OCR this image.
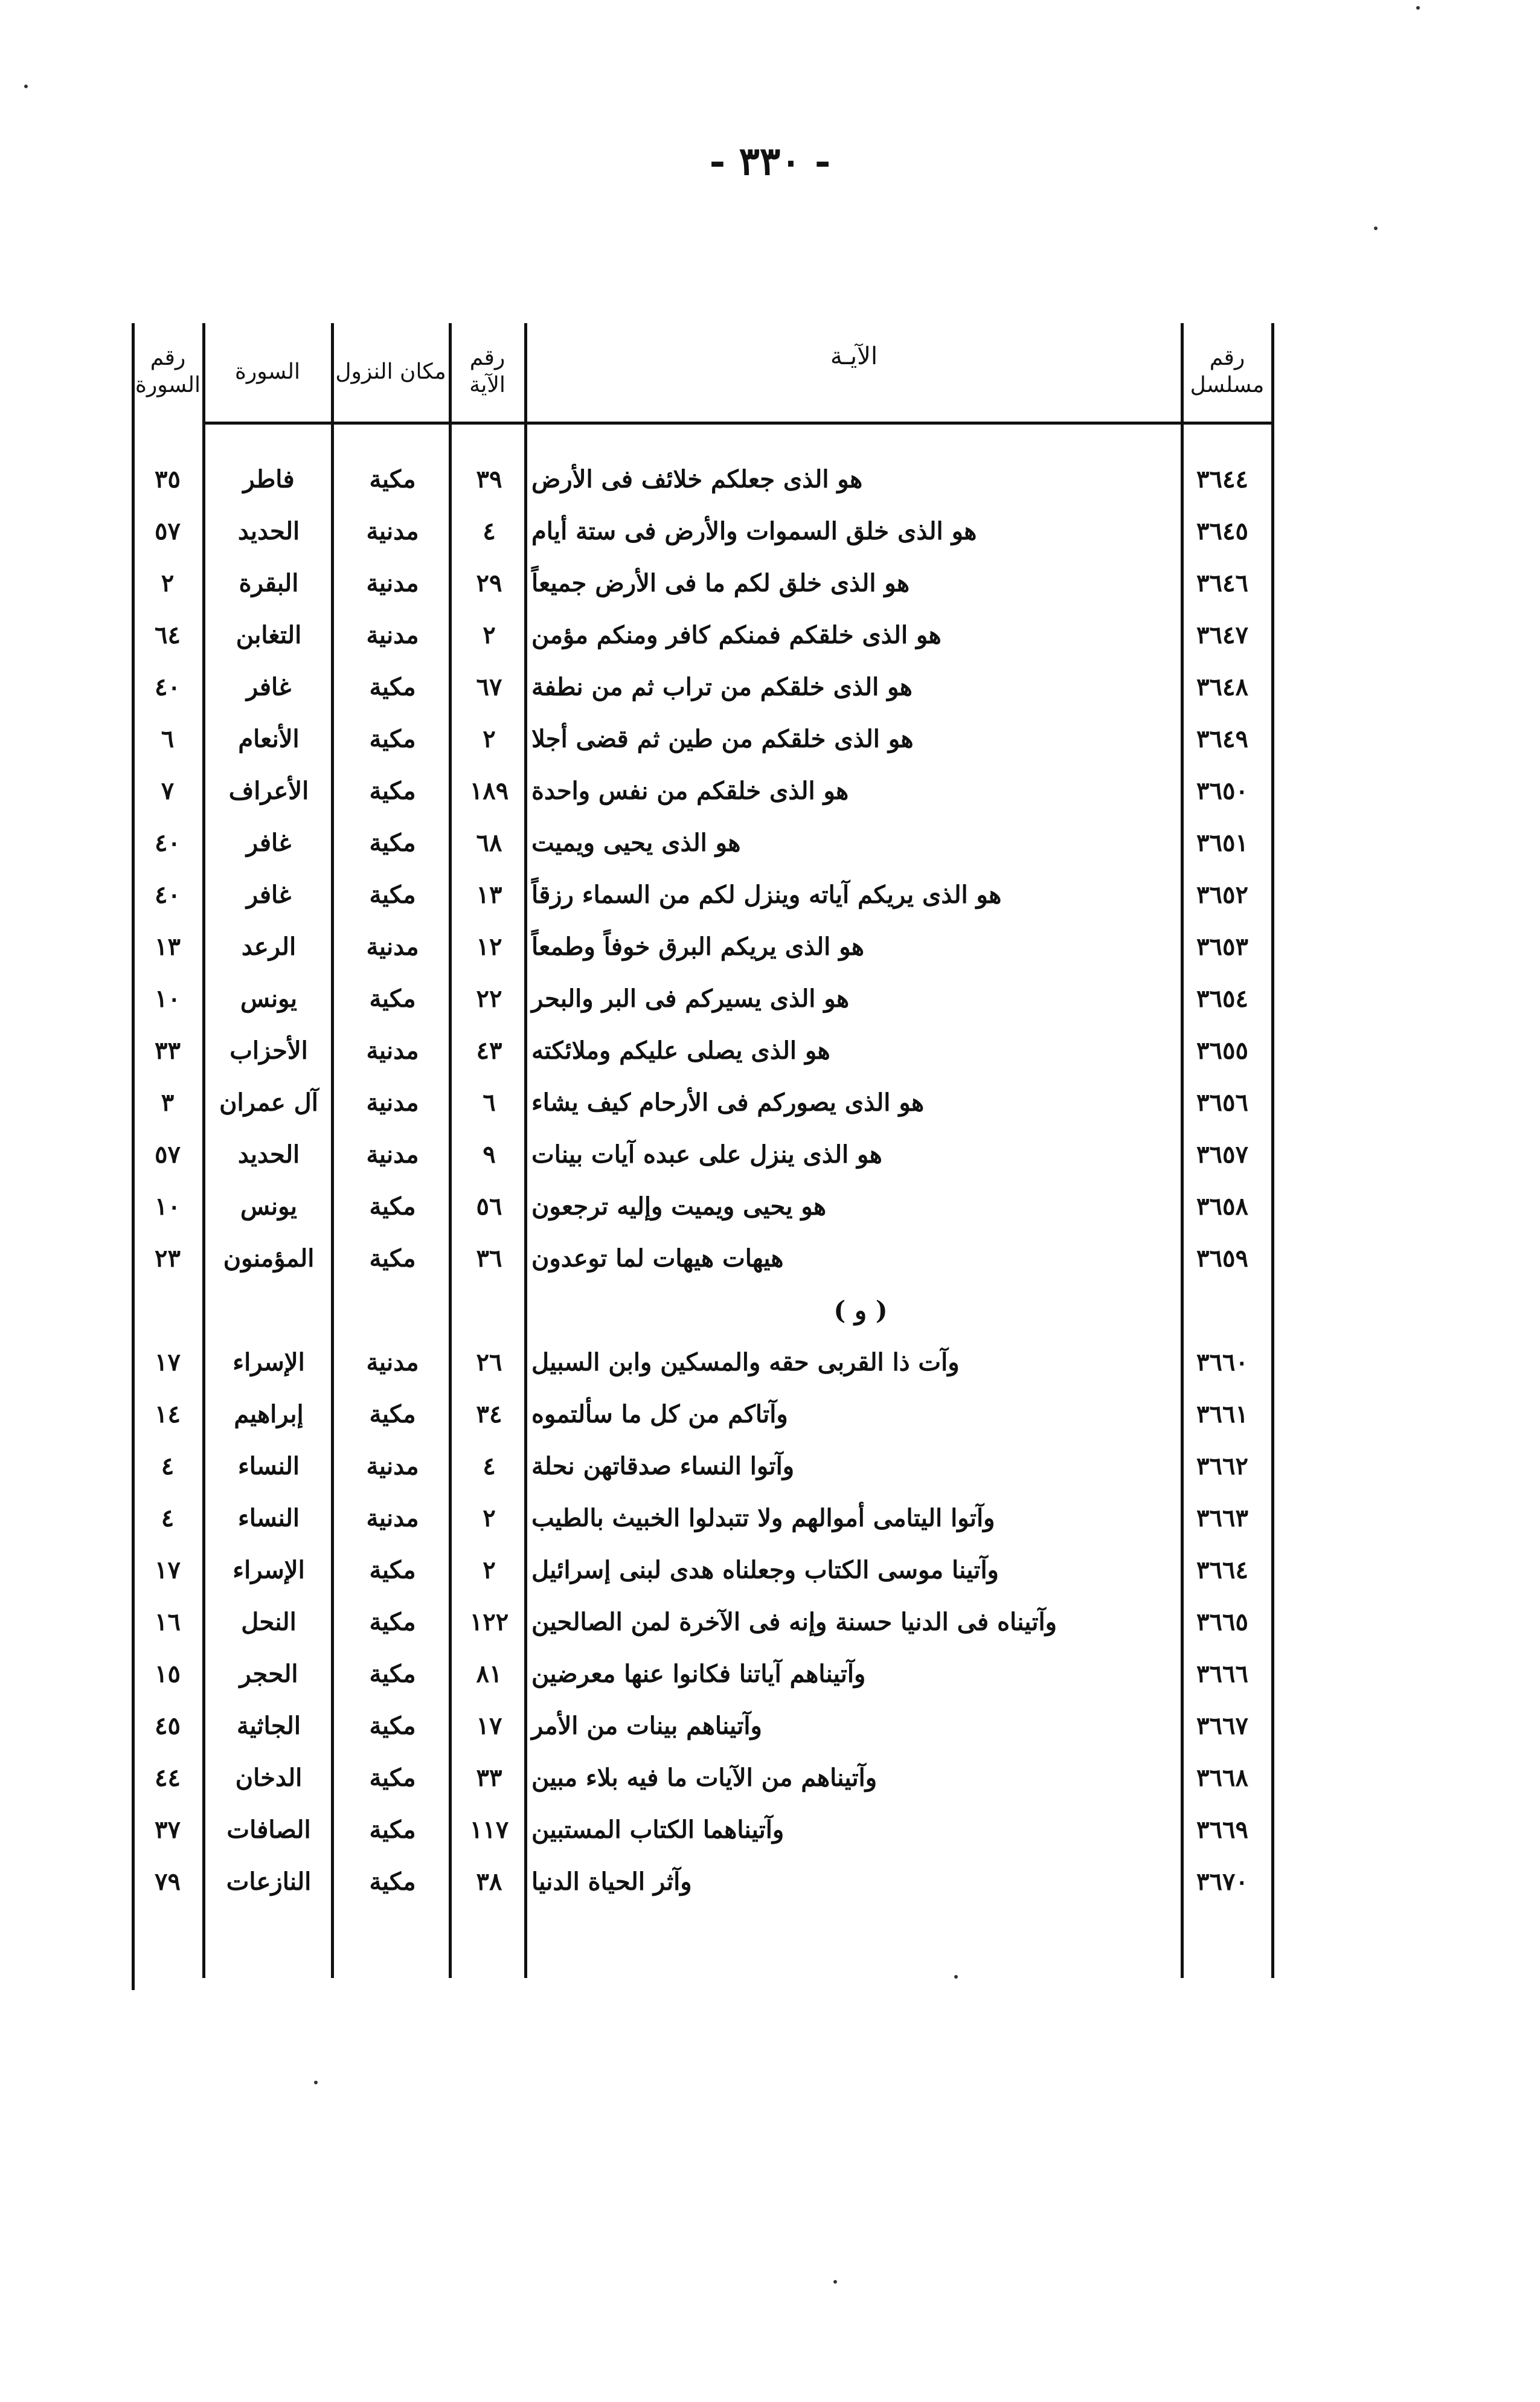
- ٣٣٠ -
رقم مسلسل
الآيـة
رقم الآية
مكان النزول
السورة
رقم السورة
٣٦٤٤
هو الذى جعلكم خلائف فى الأرض
٣٩
مكية
فاطر
٣٥
٣٦٤٥
هو الذى خلق السموات والأرض فى ستة أيام
٤
مدنية
الحديد
٥٧
٣٦٤٦
هو الذى خلق لكم ما فى الأرض جميعاً
٢٩
مدنية
البقرة
٢
٣٦٤٧
هو الذى خلقكم فمنكم كافر ومنكم مؤمن
٢
مدنية
التغابن
٦٤
٣٦٤٨
هو الذى خلقكم من تراب ثم من نطفة
٦٧
مكية
غافر
٤٠
٣٦٤٩
هو الذى خلقكم من طين ثم قضى أجلا
٢
مكية
الأنعام
٦
٣٦٥٠
هو الذى خلقكم من نفس واحدة
١٨٩
مكية
الأعراف
٧
٣٦٥١
هو الذى يحيى ويميت
٦٨
مكية
غافر
٤٠
٣٦٥٢
هو الذى يريكم آياته وينزل لكم من السماء رزقاً
١٣
مكية
غافر
٤٠
٣٦٥٣
هو الذى يريكم البرق خوفاً وطمعاً
١٢
مدنية
الرعد
١٣
٣٦٥٤
هو الذى يسيركم فى البر والبحر
٢٢
مكية
يونس
١٠
٣٦٥٥
هو الذى يصلى عليكم وملائكته
٤٣
مدنية
الأحزاب
٣٣
٣٦٥٦
هو الذى يصوركم فى الأرحام كيف يشاء
٦
مدنية
آل عمران
٣
٣٦٥٧
هو الذى ينزل على عبده آيات بينات
٩
مدنية
الحديد
٥٧
٣٦٥٨
هو يحيى ويميت وإليه ترجعون
٥٦
مكية
يونس
١٠
٣٦٥٩
هيهات هيهات لما توعدون
٣٦
مكية
المؤمنون
٢٣
( و )
٣٦٦٠
وآت ذا القربى حقه والمسكين وابن السبيل
٢٦
مدنية
الإسراء
١٧
٣٦٦١
وآتاكم من كل ما سألتموه
٣٤
مكية
إبراهيم
١٤
٣٦٦٢
وآتوا النساء صدقاتهن نحلة
٤
مدنية
النساء
٤
٣٦٦٣
وآتوا اليتامى أموالهم ولا تتبدلوا الخبيث بالطيب
٢
مدنية
النساء
٤
٣٦٦٤
وآتينا موسى الكتاب وجعلناه هدى لبنى إسرائيل
٢
مكية
الإسراء
١٧
٣٦٦٥
وآتيناه فى الدنيا حسنة وإنه فى الآخرة لمن الصالحين
١٢٢
مكية
النحل
١٦
٣٦٦٦
وآتيناهم آياتنا فكانوا عنها معرضين
٨١
مكية
الحجر
١٥
٣٦٦٧
وآتيناهم بينات من الأمر
١٧
مكية
الجاثية
٤٥
٣٦٦٨
وآتيناهم من الآيات ما فيه بلاء مبين
٣٣
مكية
الدخان
٤٤
٣٦٦٩
وآتيناهما الكتاب المستبين
١١٧
مكية
الصافات
٣٧
٣٦٧٠
وآثر الحياة الدنيا
٣٨
مكية
النازعات
٧٩
